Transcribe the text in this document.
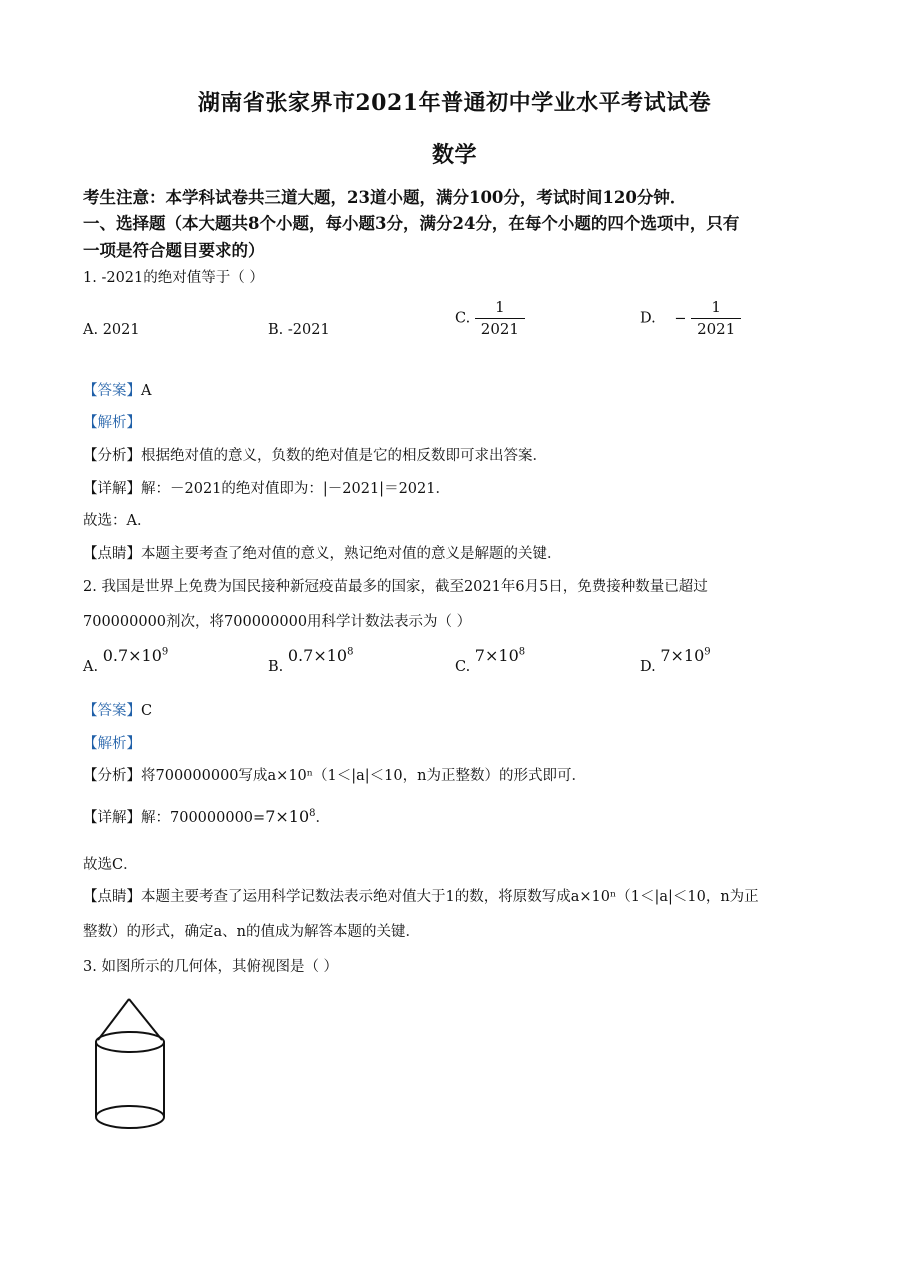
湖南省张家界市2021年普通初中学业水平考试试卷
数学
考生注意：本学科试卷共三道大题，23道小题，满分100分，考试时间120分钟．
一、选择题（本大题共8个小题，每小题3分，满分24分，在每个小题的四个选项中，只有
一项是符合题目要求的）
1. -2021的绝对值等于（ ）
A. 2021	B. -2021
C. $\frac{1}{2021}$	D. − $\frac{1}{2021}$
【答案】A
【解析】
【分析】根据绝对值的意义，负数的绝对值是它的相反数即可求出答案．
【详解】解：－2021的绝对值即为：|－2021|＝2021．
故选：A．
【点睛】本题主要考查了绝对值的意义，熟记绝对值的意义是解题的关键．
2. 我国是世界上免费为国民接种新冠疫苗最多的国家，截至2021年6月5日，免费接种数量已超过
700000000剂次，将700000000用科学计数法表示为（ ）
A. $0.7\times 10^9$
B. $0.7\times 10^8$
C. $7\times 10^8$
D. $7\times 10^9$
【答案】C
【解析】
【分析】将700000000写成a×10ⁿ（1＜|a|＜10，n为正整数）的形式即可．
【详解】解：$700000000=7\times 10^8$．
故选C．
【点睛】本题主要考查了运用科学记数法表示绝对值大于1的数，将原数写成a×10ⁿ（1＜|a|＜10，n为正
整数）的形式，确定a、n的值成为解答本题的关键．
3. 如图所示的几何体，其俯视图是（ ）
